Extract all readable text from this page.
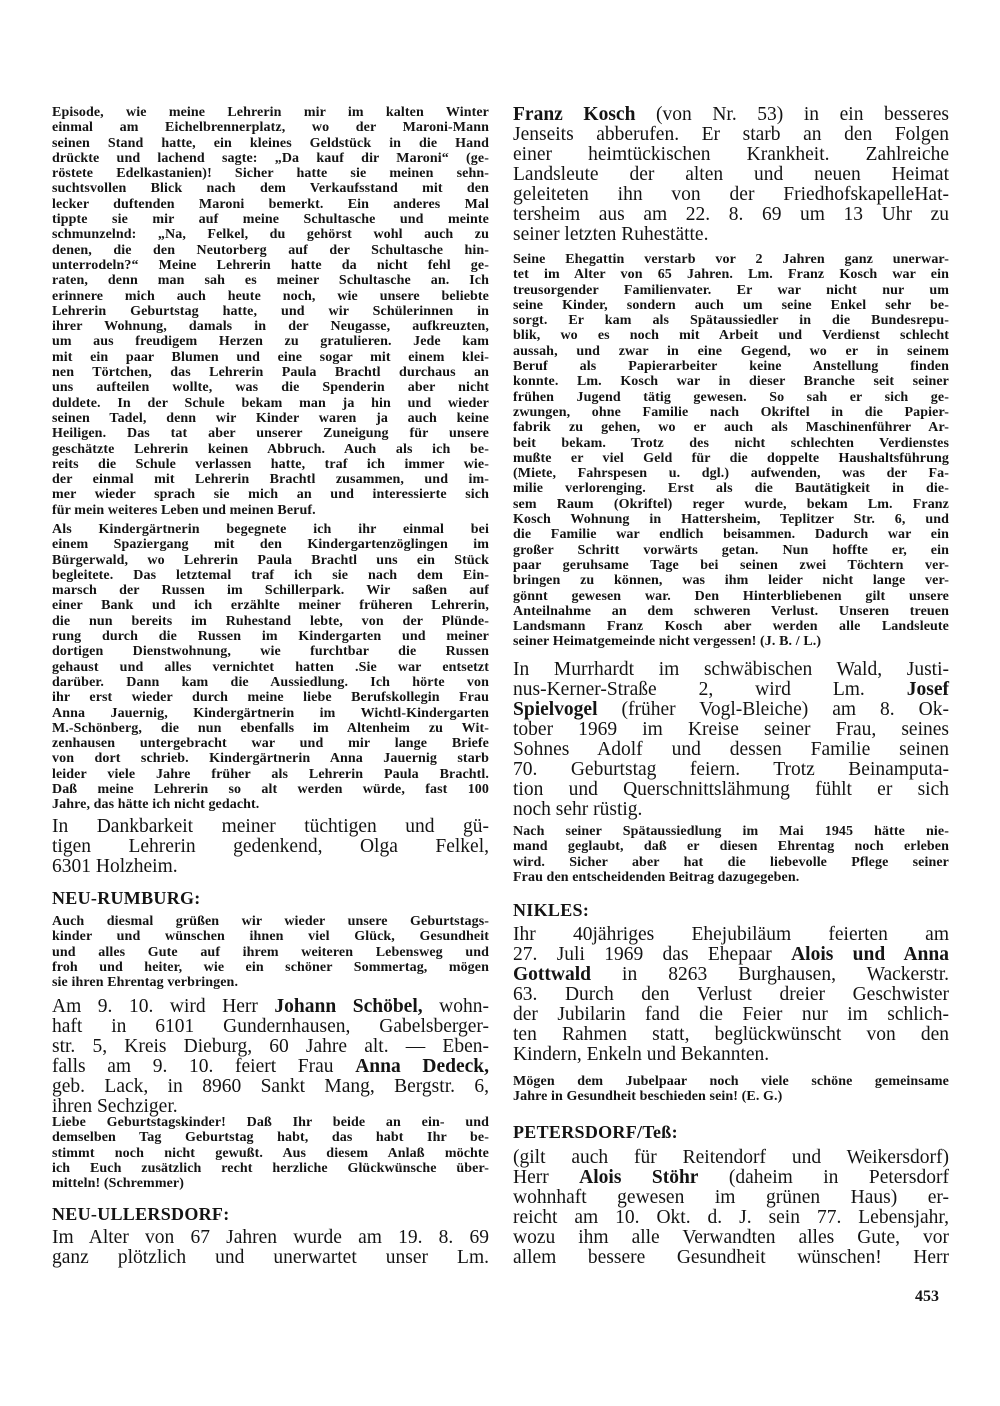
Episode, wie meine Lehrerin mir im kalten Winter
einmal am Eichelbrennerplatz, wo der Maroni-Mann
seinen Stand hatte, ein kleines Geldstück in die Hand
drückte und lachend sagte: „Da kauf dir Maroni“ (ge-
röstete Edelkastanien)! Sicher hatte sie meinen sehn-
suchtsvollen Blick nach dem Verkaufsstand mit den
lecker duftenden Maroni bemerkt. Ein anderes Mal
tippte sie mir auf meine Schultasche und meinte
schmunzelnd: „Na, Felkel, du gehörst wohl auch zu
denen, die den Neutorberg auf der Schultasche hin-
unterrodeln?“ Meine Lehrerin hatte da nicht fehl ge-
raten, denn man sah es meiner Schultasche an. Ich
erinnere mich auch heute noch, wie unsere beliebte
Lehrerin Geburtstag hatte, und wir Schülerinnen in
ihrer Wohnung, damals in der Neugasse, aufkreuzten,
um aus freudigem Herzen zu gratulieren. Jede kam
mit ein paar Blumen und eine sogar mit einem klei-
nen Törtchen, das Lehrerin Paula Brachtl durchaus an
uns aufteilen wollte, was die Spenderin aber nicht
duldete. In der Schule bekam man ja hin und wieder
seinen Tadel, denn wir Kinder waren ja auch keine
Heiligen. Das tat aber unserer Zuneigung für unsere
geschätzte Lehrerin keinen Abbruch. Auch als ich be-
reits die Schule verlassen hatte, traf ich immer wie-
der einmal mit Lehrerin Brachtl zusammen, und im-
mer wieder sprach sie mich an und interessierte sich
für mein weiteres Leben und meinen Beruf.
Als Kindergärtnerin begegnete ich ihr einmal bei
einem Spaziergang mit den Kindergartenzöglingen im
Bürgerwald, wo Lehrerin Paula Brachtl uns ein Stück
begleitete. Das letztemal traf ich sie nach dem Ein-
marsch der Russen im Schillerpark. Wir saßen auf
einer Bank und ich erzählte meiner früheren Lehrerin,
die nun bereits im Ruhestand lebte, von der Plünde-
rung durch die Russen im Kindergarten und meiner
dortigen Dienstwohnung, wie furchtbar die Russen
gehaust und alles vernichtet hatten .Sie war entsetzt
darüber. Dann kam die Aussiedlung. Ich hörte von
ihr erst wieder durch meine liebe Berufskollegin Frau
Anna Jauernig, Kindergärtnerin im Wichtl-Kindergarten
M.-Schönberg, die nun ebenfalls im Altenheim zu Wit-
zenhausen untergebracht war und mir lange Briefe
von dort schrieb. Kindergärtnerin Anna Jauernig starb
leider viele Jahre früher als Lehrerin Paula Brachtl.
Daß meine Lehrerin so alt werden würde, fast 100
Jahre, das hätte ich nicht gedacht.
In Dankbarkeit meiner tüchtigen und gü-
tigen Lehrerin gedenkend, Olga Felkel,
6301 Holzheim.
NEU-RUMBURG:
Auch diesmal grüßen wir wieder unsere Geburtstags-
kinder und wünschen ihnen viel Glück, Gesundheit
und alles Gute auf ihrem weiteren Lebensweg und
froh und heiter, wie ein schöner Sommertag, mögen
sie ihren Ehrentag verbringen.
Am 9. 10. wird Herr Johann Schöbel, wohn-
haft in 6101 Gundernhausen, Gabelsberger-
str. 5, Kreis Dieburg, 60 Jahre alt. — Eben-
falls am 9. 10. feiert Frau Anna Dedeck,
geb. Lack, in 8960 Sankt Mang, Bergstr. 6,
ihren Sechziger.
Liebe Geburtstagskinder! Daß Ihr beide an ein- und
demselben Tag Geburtstag habt, das habt Ihr be-
stimmt noch nicht gewußt. Aus diesem Anlaß möchte
ich Euch zusätzlich recht herzliche Glückwünsche über-
mitteln! (Schremmer)
NEU-ULLERSDORF:
Im Alter von 67 Jahren wurde am 19. 8. 69
ganz plötzlich und unerwartet unser Lm.
Franz Kosch (von Nr. 53) in ein besseres
Jenseits abberufen. Er starb an den Folgen
einer heimtückischen Krankheit. Zahlreiche
Landsleute der alten und neuen Heimat
geleiteten ihn von der FriedhofskapelleHat-
tersheim aus am 22. 8. 69 um 13 Uhr zu
seiner letzten Ruhestätte.
Seine Ehegattin verstarb vor 2 Jahren ganz unerwar-
tet im Alter von 65 Jahren. Lm. Franz Kosch war ein
treusorgender Familienvater. Er war nicht nur um
seine Kinder, sondern auch um seine Enkel sehr be-
sorgt. Er kam als Spätaussiedler in die Bundesrepu-
blik, wo es noch mit Arbeit und Verdienst schlecht
aussah, und zwar in eine Gegend, wo er in seinem
Beruf als Papierarbeiter keine Anstellung finden
konnte. Lm. Kosch war in dieser Branche seit seiner
frühen Jugend tätig gewesen. So sah er sich ge-
zwungen, ohne Familie nach Okriftel in die Papier-
fabrik zu gehen, wo er auch als Maschinenführer Ar-
beit bekam. Trotz des nicht schlechten Verdienstes
mußte er viel Geld für die doppelte Haushaltsführung
(Miete, Fahrspesen u. dgl.) aufwenden, was der Fa-
milie verlorenging. Erst als die Bautätigkeit in die-
sem Raum (Okriftel) reger wurde, bekam Lm. Franz
Kosch Wohnung in Hattersheim, Teplitzer Str. 6, und
die Familie war endlich beisammen. Dadurch war ein
großer Schritt vorwärts getan. Nun hoffte er, ein
paar geruhsame Tage bei seinen zwei Töchtern ver-
bringen zu können, was ihm leider nicht lange ver-
gönnt gewesen war. Den Hinterbliebenen gilt unsere
Anteilnahme an dem schweren Verlust. Unseren treuen
Landsmann Franz Kosch aber werden alle Landsleute
seiner Heimatgemeinde nicht vergessen! (J. B. / L.)
In Murrhardt im schwäbischen Wald, Justi-
nus-Kerner-Straße 2, wird Lm. Josef
Spielvogel (früher Vogl-Bleiche) am 8. Ok-
tober 1969 im Kreise seiner Frau, seines
Sohnes Adolf und dessen Familie seinen
70. Geburtstag feiern. Trotz Beinamputa-
tion und Querschnittslähmung fühlt er sich
noch sehr rüstig.
Nach seiner Spätaussiedlung im Mai 1945 hätte nie-
mand geglaubt, daß er diesen Ehrentag noch erleben
wird. Sicher aber hat die liebevolle Pflege seiner
Frau den entscheidenden Beitrag dazugegeben.
NIKLES:
Ihr 40jähriges Ehejubiläum feierten am
27. Juli 1969 das Ehepaar Alois und Anna
Gottwald in 8263 Burghausen, Wackerstr.
63. Durch den Verlust dreier Geschwister
der Jubilarin fand die Feier nur im schlich-
ten Rahmen statt, beglückwünscht von den
Kindern, Enkeln und Bekannten.
Mögen dem Jubelpaar noch viele schöne gemeinsame
Jahre in Gesundheit beschieden sein! (E. G.)
PETERSDORF/Teß:
(gilt auch für Reitendorf und Weikersdorf)
Herr Alois Stöhr (daheim in Petersdorf
wohnhaft gewesen im grünen Haus) er-
reicht am 10. Okt. d. J. sein 77. Lebensjahr,
wozu ihm alle Verwandten alles Gute, vor
allem bessere Gesundheit wünschen! Herr
453
